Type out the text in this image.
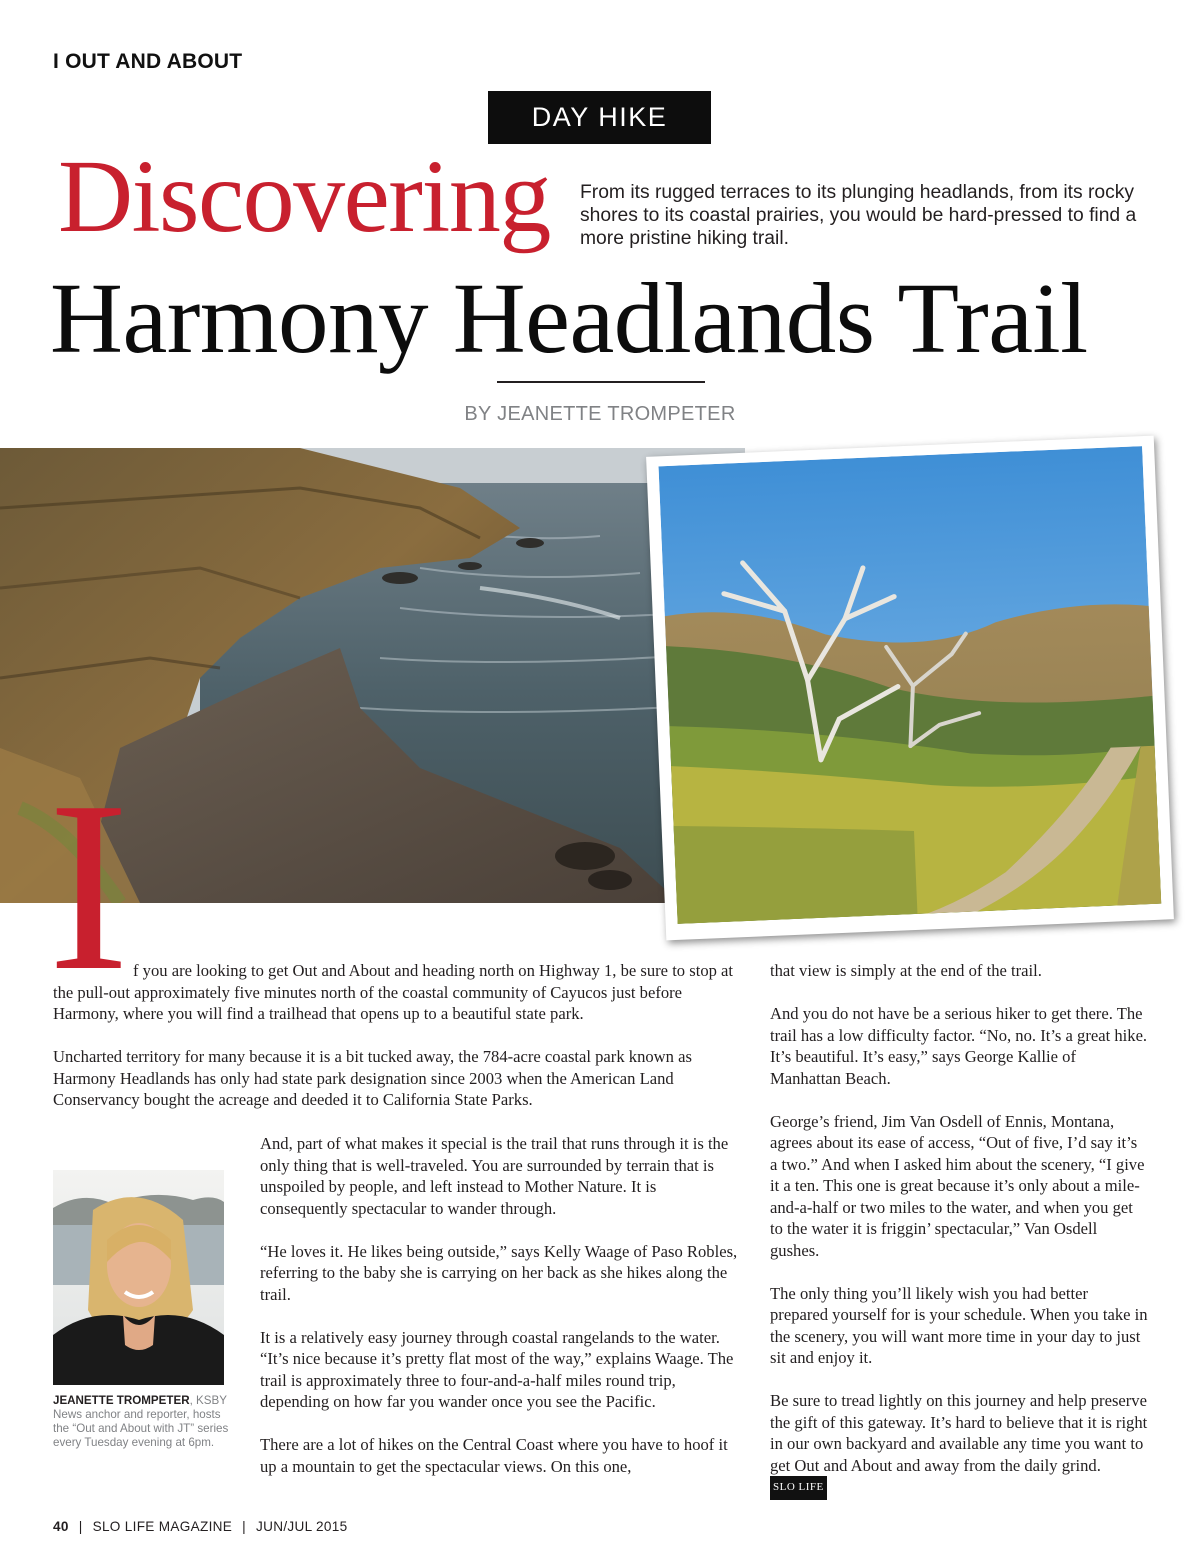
I OUT AND ABOUT
DAY HIKE
Discovering From its rugged terraces to its plunging headlands, from its rocky shores to its coastal prairies, you would be hard-pressed to find a more pristine hiking trail.
Harmony Headlands Trail
BY JEANETTE TROMPETER
I f you are looking to get Out and About and heading north on Highway 1, be sure to stop at the pull-out approximately five minutes north of the coastal community of Cayucos just before Harmony, where you will find a trailhead that opens up to a beautiful state park.

Uncharted territory for many because it is a bit tucked away, the 784-acre coastal park known as Harmony Headlands has only had state park designation since 2003 when the American Land Conservancy bought the acreage and deeded it to California State Parks.

And, part of what makes it special is the trail that runs through it is the only thing that is well-traveled. You are surrounded by terrain that is unspoiled by people, and left instead to Mother Nature. It is consequently spectacular to wander through.

“He loves it. He likes being outside,” says Kelly Waage of Paso Robles, referring to the baby she is carrying on her back as she hikes along the trail.

It is a relatively easy journey through coastal rangelands to the water. “It’s nice because it’s pretty flat most of the way,” explains Waage. The trail is approximately three to four-and-a-half miles round trip, depending on how far you wander once you see the Pacific.

There are a lot of hikes on the Central Coast where you have to hoof it up a mountain to get the spectacular views. On this one,

that view is simply at the end of the trail.

And you do not have be a serious hiker to get there. The trail has a low difficulty factor. “No, no. It’s a great hike. It’s beautiful. It’s easy,” says George Kallie of Manhattan Beach.

George’s friend, Jim Van Osdell of Ennis, Montana, agrees about its ease of access, “Out of five, I’d say it’s a two.” And when I asked him about the scenery, “I give it a ten. This one is great because it’s only about a mile-and-a-half or two miles to the water, and when you get to the water it is friggin’ spectacular,” Van Osdell gushes.

The only thing you’ll likely wish you had better prepared yourself for is your schedule. When you take in the scenery, you will want more time in your day to just sit and enjoy it.

Be sure to tread lightly on this journey and help preserve the gift of this gateway. It’s hard to believe that it is right in our own backyard and available any time you want to get Out and About and away from the daily grind. SLO LIFE

JEANETTE TROMPETER, KSBY News anchor and reporter, hosts the “Out and About with JT” series every Tuesday evening at 6pm.
40 | SLO LIFE MAGAZINE | JUN/JUL 2015
